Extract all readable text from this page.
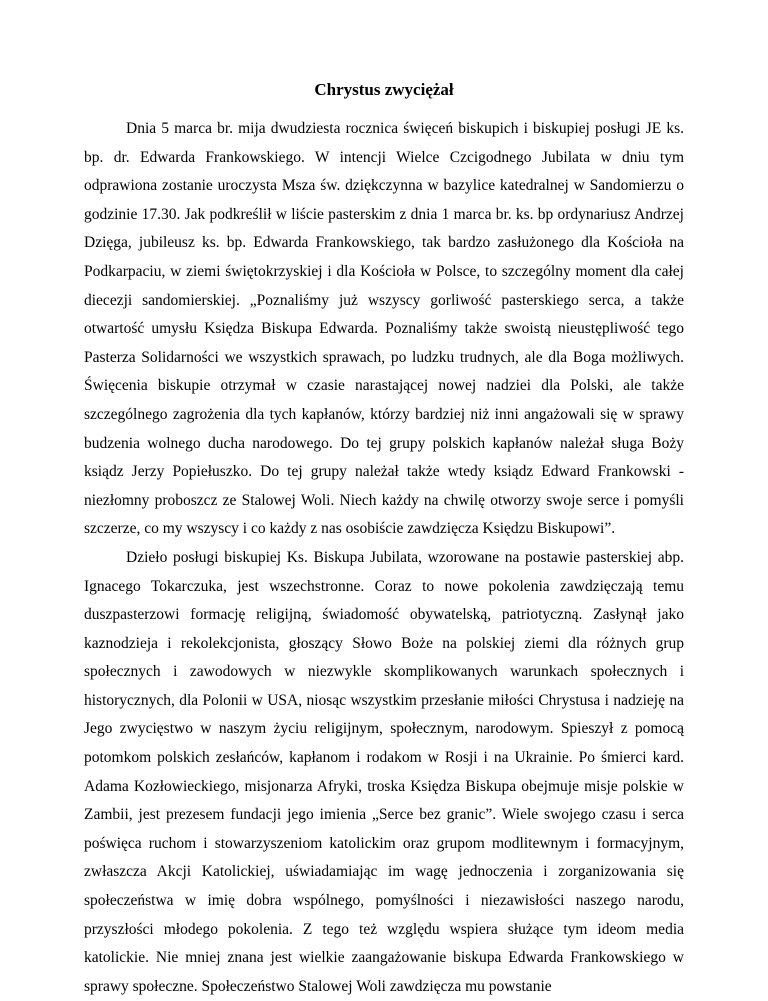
Chrystus zwyciężał

Dnia 5 marca br. mija dwudziesta rocznica święceń biskupich i biskupiej posługi JE ks. bp. dr. Edwarda Frankowskiego. W intencji Wielce Czcigodnego Jubilata w dniu tym odprawiona zostanie uroczysta Msza św. dziękczynna w bazylice katedralnej w Sandomierzu o godzinie 17.30. Jak podkreślił w liście pasterskim z dnia 1 marca br. ks. bp ordynariusz Andrzej Dzięga, jubileusz ks. bp. Edwarda Frankowskiego, tak bardzo zasłużonego dla Kościoła na Podkarpaciu, w ziemi świętokrzyskiej i dla Kościoła w Polsce, to szczególny moment dla całej diecezji sandomierskiej. „Poznaliśmy już wszyscy gorliwość pasterskiego serca, a także otwartość umysłu Księdza Biskupa Edwarda. Poznaliśmy także swoistą nieustępliwość tego Pasterza Solidarności we wszystkich sprawach, po ludzku trudnych, ale dla Boga możliwych. Święcenia biskupie otrzymał w czasie narastającej nowej nadziei dla Polski, ale także szczególnego zagrożenia dla tych kapłanów, którzy bardziej niż inni angażowali się w sprawy budzenia wolnego ducha narodowego. Do tej grupy polskich kapłanów należał sługa Boży ksiądz Jerzy Popiełuszko. Do tej grupy należał także wtedy ksiądz Edward Frankowski - niezłomny proboszcz ze Stalowej Woli. Niech każdy na chwilę otworzy swoje serce i pomyśli szczerze, co my wszyscy i co każdy z nas osobiście zawdzięcza Księdzu Biskupowi”.

Dzieło posługi biskupiej Ks. Biskupa Jubilata, wzorowane na postawie pasterskiej abp. Ignacego Tokarczuka, jest wszechstronne. Coraz to nowe pokolenia zawdzięczają temu duszpasterzowi formację religijną, świadomość obywatelską, patriotyczną. Zasłynął jako kaznodzieja i rekolekcjonista, głoszący Słowo Boże na polskiej ziemi dla różnych grup społecznych i zawodowych w niezwykle skomplikowanych warunkach społecznych i historycznych, dla Polonii w USA, niosąc wszystkim przesłanie miłości Chrystusa i nadzieję na Jego zwycięstwo w naszym życiu religijnym, społecznym, narodowym. Spieszył z pomocą potomkom polskich zesłańców, kapłanom i rodakom w Rosji i na Ukrainie. Po śmierci kard. Adama Kozłowieckiego, misjonarza Afryki, troska Księdza Biskupa obejmuje misje polskie w Zambii, jest prezesem fundacji jego imienia „Serce bez granic”. Wiele swojego czasu i serca poświęca ruchom i stowarzyszeniom katolickim oraz grupom modlitewnym i formacyjnym, zwłaszcza Akcji Katolickiej, uświadamiając im wagę jednoczenia i zorganizowania się społeczeństwa w imię dobra wspólnego, pomyślności i niezawisłości naszego narodu, przyszłości młodego pokolenia. Z tego też względu wspiera służące tym ideom media katolickie. Nie mniej znana jest wielkie zaangażowanie biskupa Edwarda Frankowskiego w sprawy społeczne. Społeczeństwo Stalowej Woli zawdzięcza mu powstanie
